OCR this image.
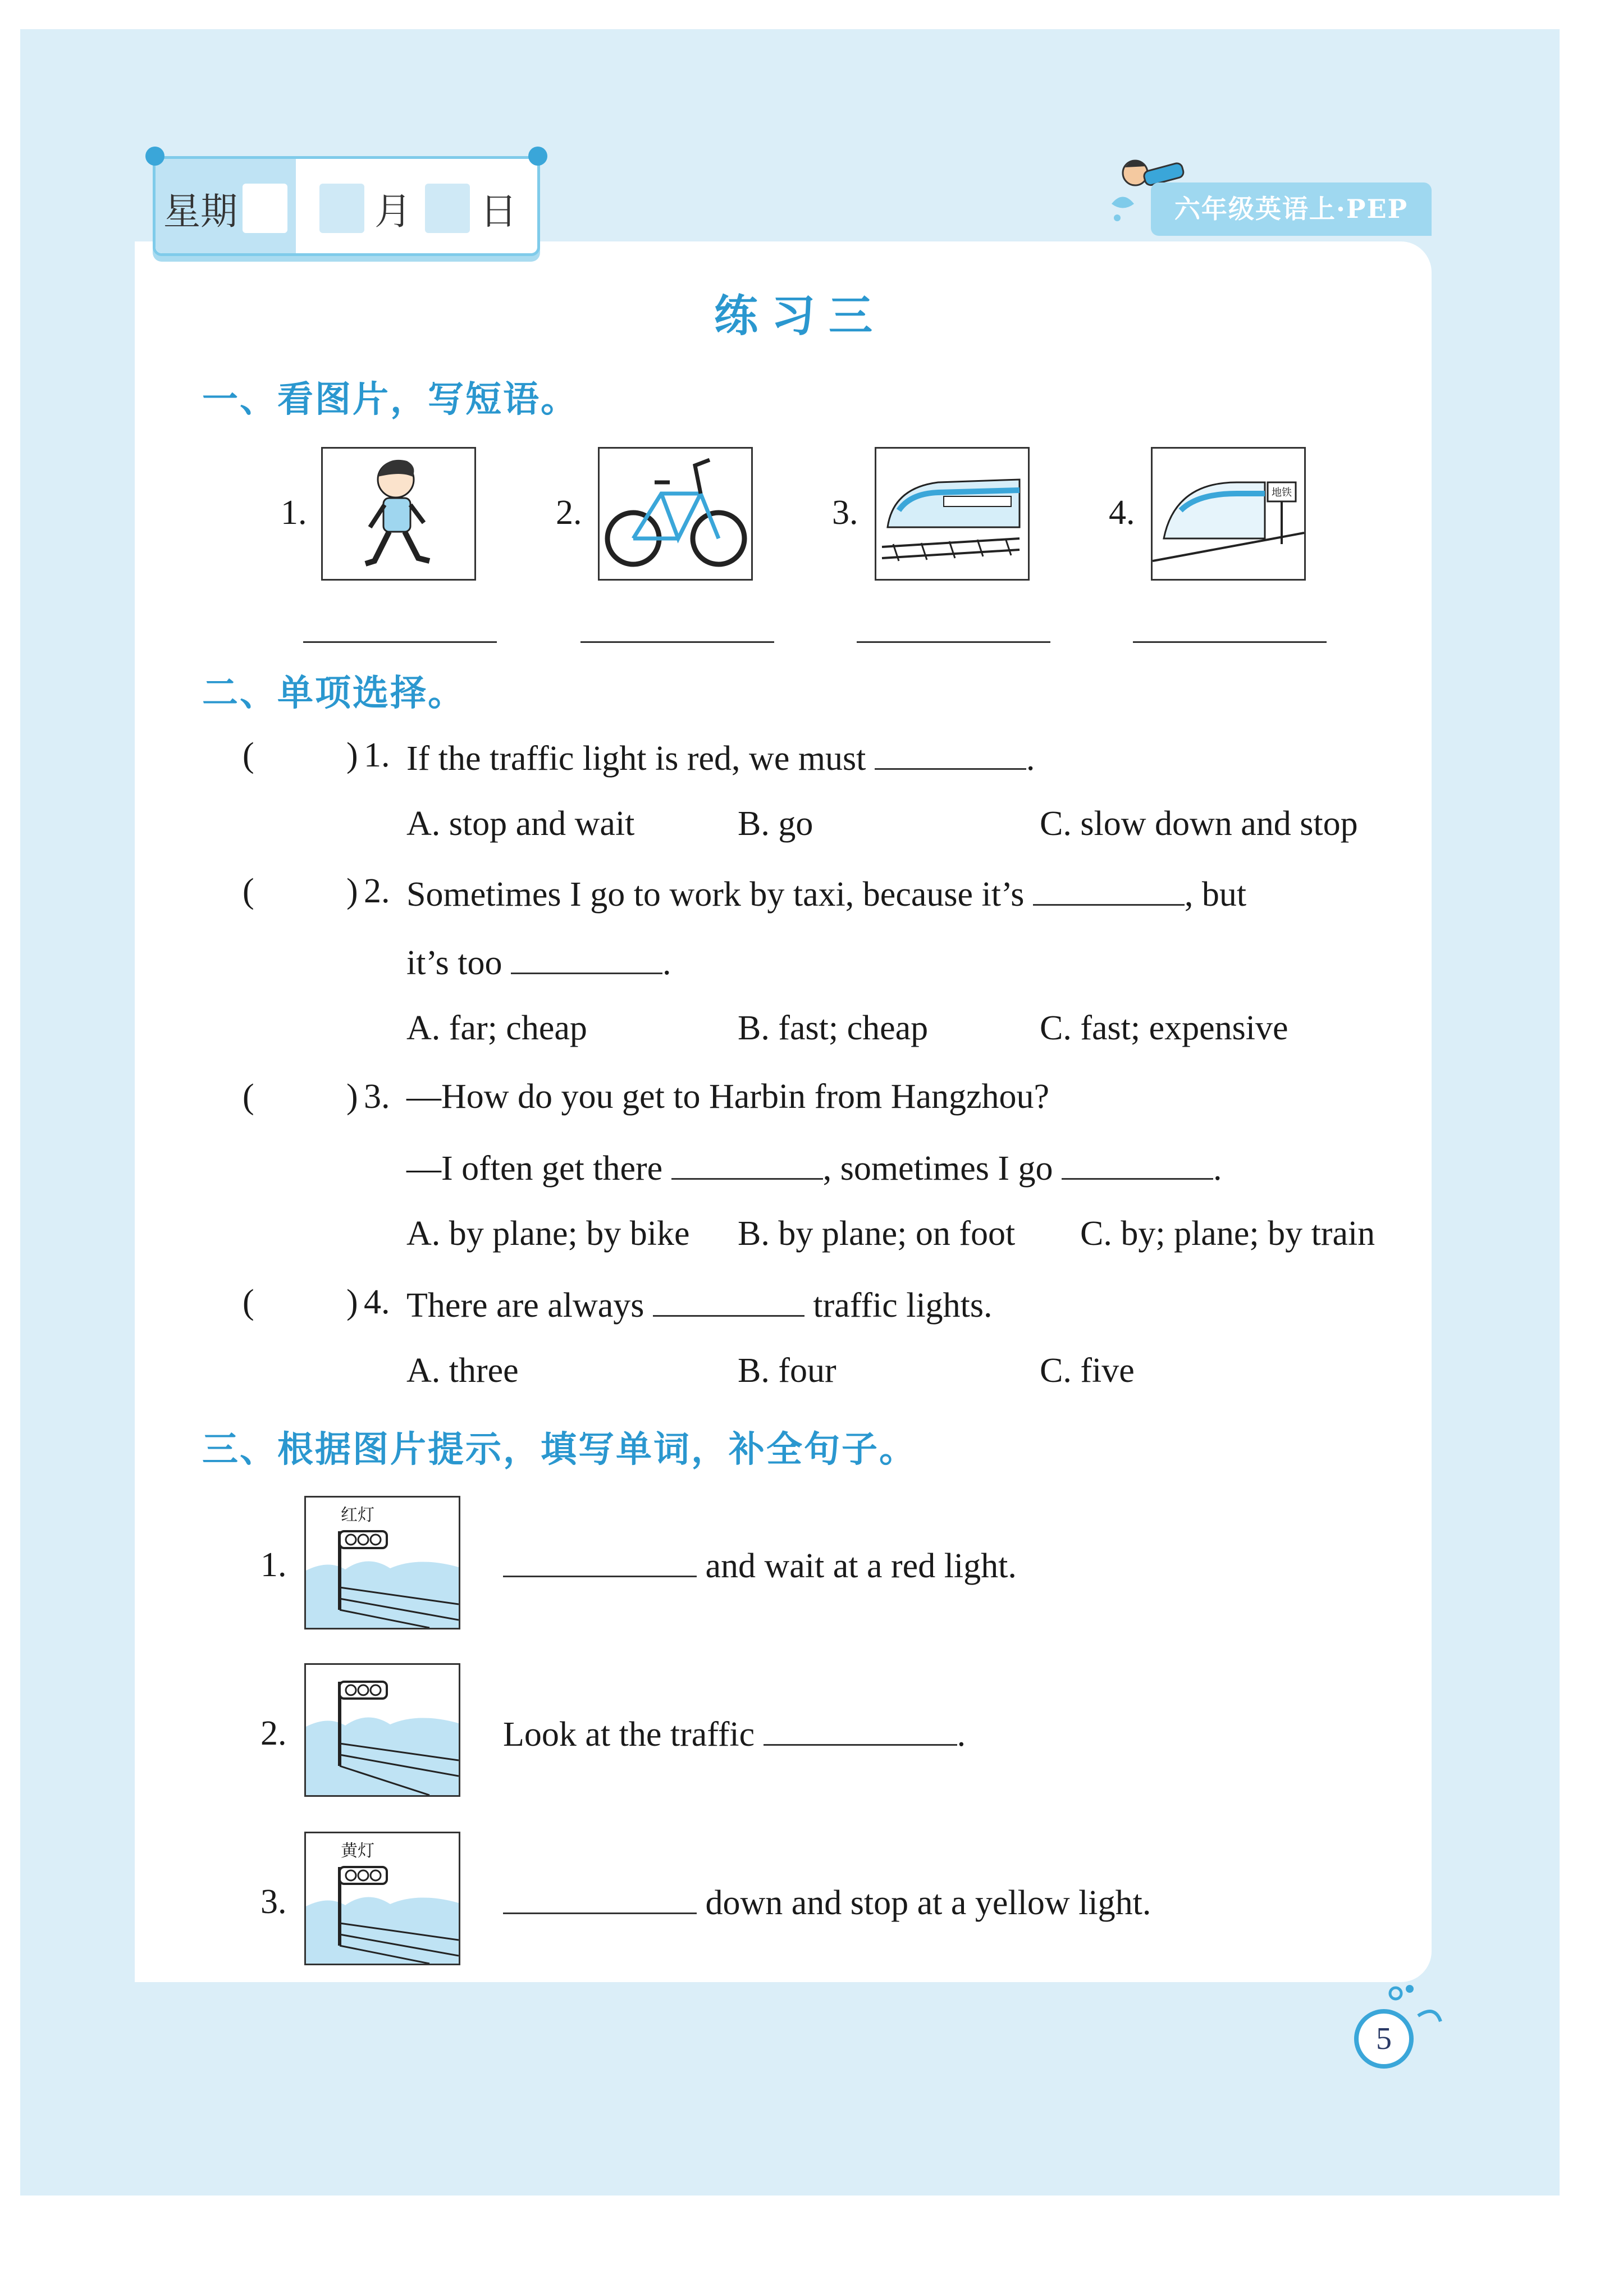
星期	月 日	六年级英语上·PEP
练习三
一、看图片，写短语。
1.	2.	3.	4.
地铁
二、单项选择。
(	) 1. If the traffic light is red, we must	.
A. stop and wait	B. go	C. slow down and stop
(	) 2. Sometimes I go to work by taxi, because it’s	, but
it’s too	.
A. far; cheap	B. fast; cheap	C. fast; expensive
(	) 3. —How do you get to Harbin from Hangzhou?
—I often get there	, sometimes I go	.
A. by plane; by bike B. by plane; on foot C. by; plane; by train
(	) 4. There are always	traffic lights.
A. three	B. four	C. five
三、根据图片提示，填写单词，补全句子。
1.
红灯
and wait at a red light.
2.	Look at the traffic	.
3.
黄灯
down and stop at a yellow light.
5
